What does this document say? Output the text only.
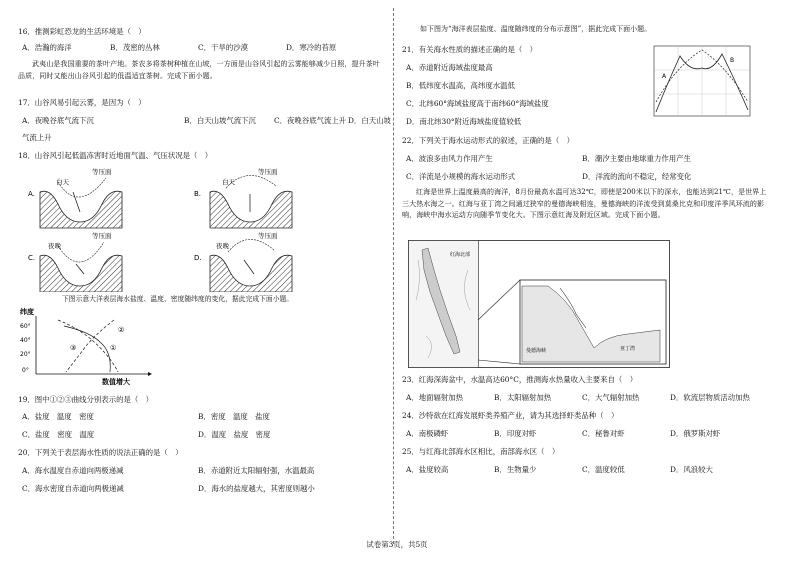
16．推测彩虹恐龙的生活环境是（　）
A．浩瀚的海洋	B．茂密的丛林	C．干旱的沙漠	D．寒冷的苔原
武夷山是我国重要的茶叶产地。茶农多将茶树种植在山坡，一方面是山谷风引起的云雾能够减少日照，提升茶叶品质，同时又能出山谷风引起的低温适宜茶树。完成下面小题。
17．山谷风易引起云雾，是因为（　）
A．夜晚谷底气流下沉	B．白天山坡气流下沉 C．夜晚谷底气流上升 D．白天山坡
气流上升
18．山谷风引起低温冻害时近地面气温、气压状况是（　）
A.
等压面
白天
B.
等压面
白天
C.
等压面
夜晚
D.
等压面
夜晚
下图示意大洋表层海水盐度、温度、密度随纬度的变化，据此完成下面小题。
纬度
60°
40°
20°
0°
②
①
③
数值增大
19．图中①②③曲线分别表示的是（　）
A．盐度　温度　密度	B．密度　温度　盐度
C．盐度　密度　温度	D．温度　盐度　密度
20．下列关于表层海水性质的说法正确的是（　）
A．海水温度自赤道向两极递减	B．赤道附近太阳辐射强，水温最高
C．海水密度自赤道向两极递减	D．海水的盐度越大，其密度则越小
如下图为“海洋表层盐度、温度随纬度的分布示意图”，据此完成下面小题。
21．有关海水性质的描述正确的是（　）
A．赤道附近海域盐度最高
B．低纬度水温高，高纬度水温低
C．北纬60°海域盐度高于南纬60°海域盐度
D．南北纬30°附近海域盐度值较低
A
B
22．下列关于海水运动形式的叙述，正确的是（　）
A．波浪多由风力作用产生	B．潮汐主要由地球重力作用产生
C．洋流是小规模的海水运动形式	D．洋流的流向不稳定，经常变化
红海是世界上温度最高的海洋，8月份最高水温可达32℃，即使是200米以下的深水，也能达到21℃，是世界上三大热水海之一。红海与亚丁湾之间通过狭窄的曼德海峡相连，曼德海峡的洋流受到莫桑比克和印度洋季风环流的影响，海峡中海水运动方向随季节变化大。下图示意红海及附近区域。完成下面小题。
红海北部
曼德海峡	亚丁湾
23．红海深海盆中，水温高达60°C，推测海水热量收入主要来自（　）
A．地面辐射加热	B．太阳辐射加热	C．大气辐射加热	D．软流层物质活动加热
24．沙特欲在红海发展虾类养殖产业，请为其选择虾类品种（　）
A．南极磷虾	B．印度对虾	C．秘鲁对虾	D．俄罗斯对虾
25．与红海北部海水区相比，南部海水区（　）
A．盐度较高	B．生物量少	C．温度较低	D．风浪较大
试卷第3页，共5页
